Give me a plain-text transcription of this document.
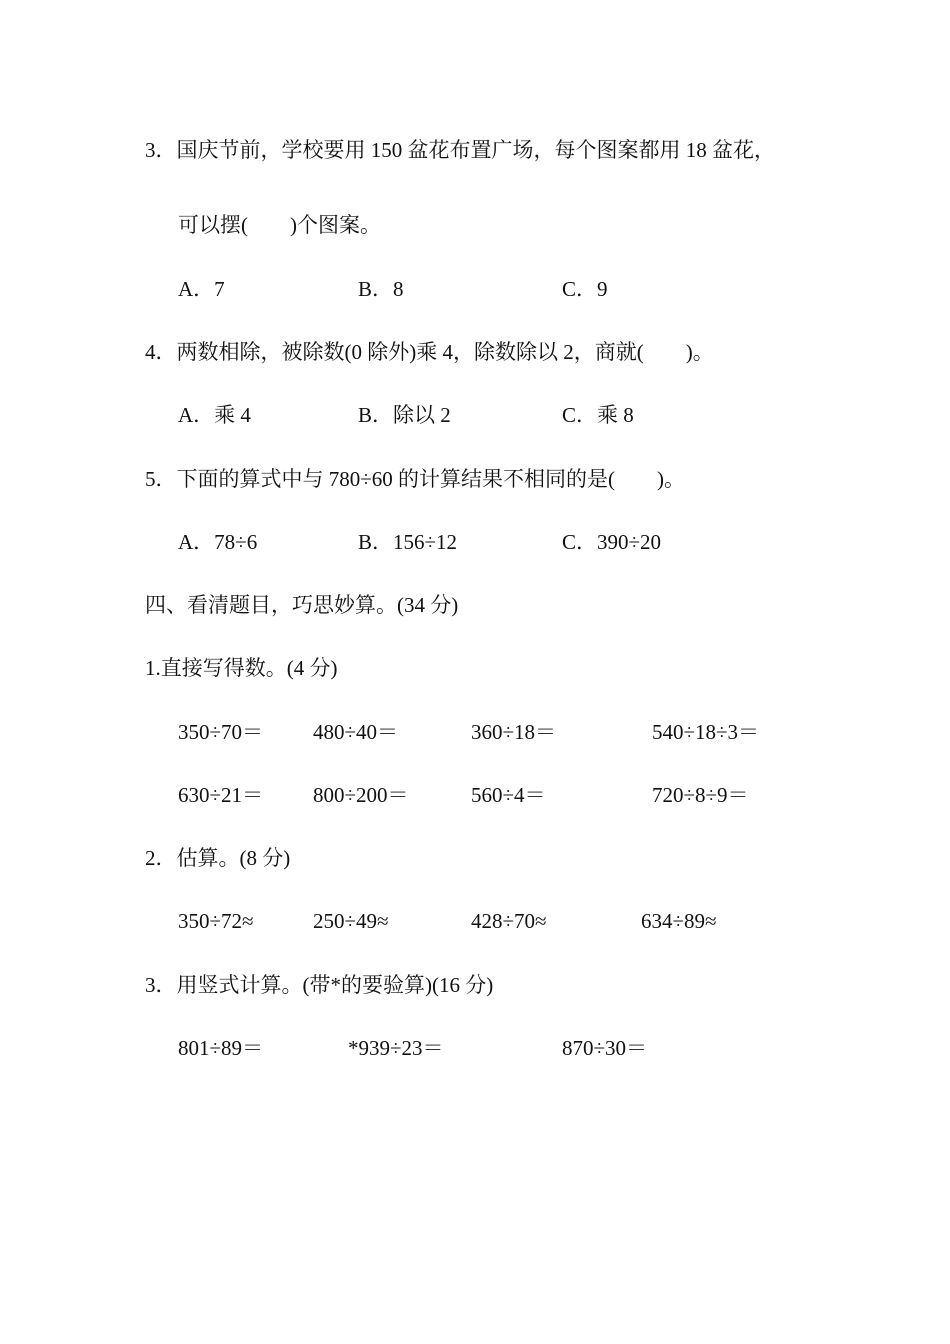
3．国庆节前，学校要用 150 盆花布置广场，每个图案都用 18 盆花，
可以摆(　　)个图案。
A．7	B．8	C．9
4．两数相除，被除数(0 除外)乘 4，除数除以 2，商就(　　)。
A．乘 4	B．除以 2	C．乘 8
5．下面的算式中与 780÷60 的计算结果不相同的是(　　)。
A．78÷6	B．156÷12	C．390÷20
四、看清题目，巧思妙算。(34 分)
1.直接写得数。(4 分)
350÷70＝ 480÷40＝	360÷18＝	540÷18÷3＝
630÷21＝ 800÷200＝	560÷4＝	720÷8÷9＝
2．估算。(8 分)
350÷72≈	250÷49≈	428÷70≈	634÷89≈
3．用竖式计算。(带*的要验算)(16 分)
801÷89＝	*939÷23＝	870÷30＝
